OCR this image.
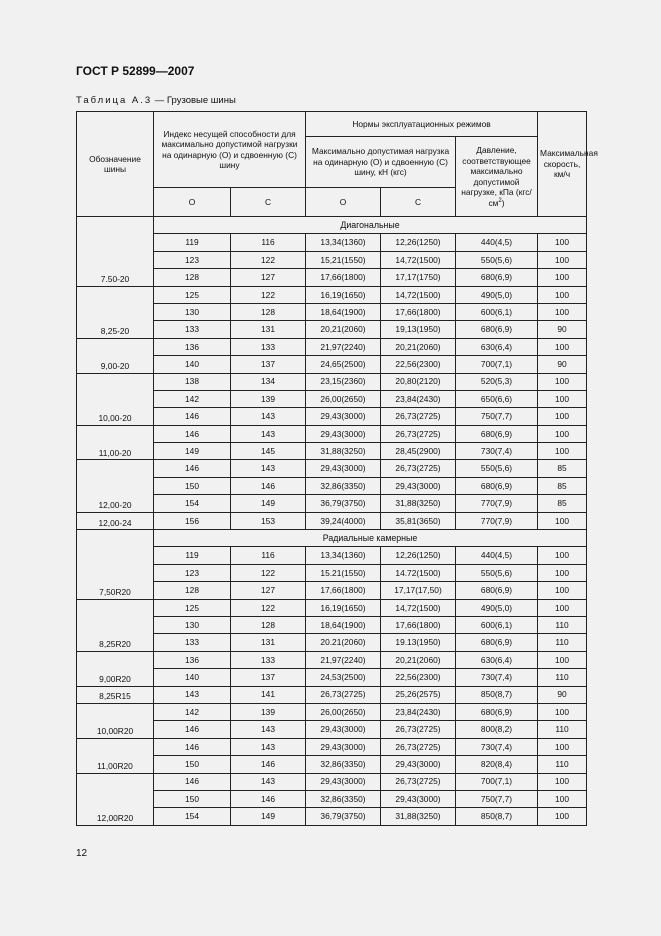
ГОСТ Р 52899—2007

Таблица А.3 — Грузовые шины

Обозначение шины	Индекс несущей способности для максимально допустимой нагрузки на одинарную (О) и сдвоенную (С) шину		Нормы эксплуатационных режимов			Максимальная скорость, км/ч
			Максимально допустимая нагрузка на одинарную (О) и сдвоенную (С) шину, кН (кгс)		Давление, соответствующее максимально допустимой нагрузке, кПа $(кгс/см^2)$	
	О	С	О	С		
7.50-20	Диагональные					
	119	116	13,34(1360)	12,26(1250)	440(4,5)	100
	123	122	15,21(1550)	14,72(1500)	550(5,6)	100
	128	127	17,66(1800)	17,17(1750)	680(6,9)	100
8,25-20	125	122	16,19(1650)	14,72(1500)	490(5,0)	100
	130	128	18,64(1900)	17,66(1800)	600(6,1)	100
	133	131	20,21(2060)	19,13(1950)	680(6,9)	90
9,00-20	136	133	21,97(2240)	20,21(2060)	630(6,4)	100
	140	137	24,65(2500)	22,56(2300)	700(7,1)	90
10,00-20	138	134	23,15(2360)	20,80(2120)	520(5,3)	100
	142	139	26,00(2650)	23,84(2430)	650(6,6)	100
	146	143	29,43(3000)	26,73(2725)	750(7,7)	100
11,00-20	146	143	29,43(3000)	26,73(2725)	680(6,9)	100
	149	145	31,88(3250)	28,45(2900)	730(7,4)	100
12,00-20	146	143	29,43(3000)	26,73(2725)	550(5,6)	85
	150	146	32,86(3350)	29,43(3000)	680(6,9)	85
	154	149	36,79(3750)	31,88(3250)	770(7,9)	85
12,00-24	156	153	39,24(4000)	35,81(3650)	770(7,9)	100
7,50R20	Радиальные камерные					
	119	116	13,34(1360)	12,26(1250)	440(4,5)	100
	123	122	15.21(1550)	14.72(1500)	550(5,6)	100
	128	127	17,66(1800)	17,17(17,50)	680(6,9)	100
8,25R20	125	122	16,19(1650)	14,72(1500)	490(5,0)	100
	130	128	18,64(1900)	17,66(1800)	600(6,1)	110
	133	131	20.21(2060)	19.13(1950)	680(6,9)	110
9,00R20	136	133	21,97(2240)	20,21(2060)	630(6,4)	100
	140	137	24,53(2500)	22,56(2300)	730(7,4)	110
8,25R15	143	141	26,73(2725)	25,26(2575)	850(8,7)	90
10,00R20	142	139	26,00(2650)	23,84(2430)	680(6,9)	100
	146	143	29,43(3000)	26,73(2725)	800(8,2)	110
11,00R20	146	143	29,43(3000)	26,73(2725)	730(7,4)	100
	150	146	32,86(3350)	29,43(3000)	820(8,4)	110
12,00R20	146	143	29,43(3000)	26,73(2725)	700(7,1)	100
	150	146	32,86(3350)	29,43(3000)	750(7,7)	100
	154	149	36,79(3750)	31,88(3250)	850(8,7)	100

12
